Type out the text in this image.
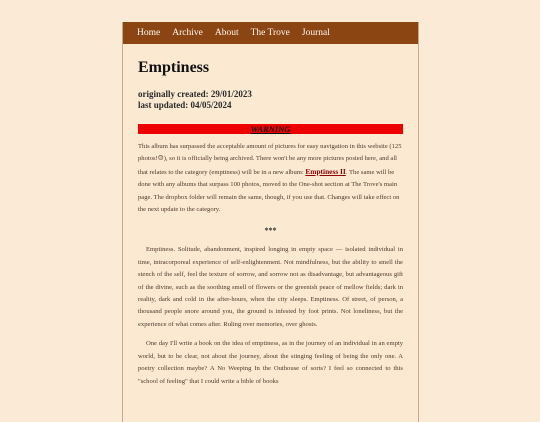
Home Archive About The Trove Journal
Emptiness
originally created: 29/01/2023
last updated: 04/05/2024
WARNING

This album has surpassed the acceptable amount of pictures for easy navigation in this website (125 photos!☹), so it is officially being archived. There won't be any more pictures posted here, and all that relates to the category (emptiness) will be in a new album: Emptiness II. The same will be done with any albums that surpass 100 photos, moved to the One-shot section at The Trove's main page. The dropbox folder will remain the same, though, if you use that. Changes will take effect on the next update to the category.

***

Emptiness. Solitude, abandonment, inspired longing in empty space — isolated individual in time, intracorporeal experience of self-enlightenment. Not mindfulness, but the ability to smell the stench of the self, feel the texture of sorrow, and sorrow not as disadvantage, but advantageous gift of the divine, such as the soothing smell of flowers or the greenish peace of mellow fields; dark in reality, dark and cold in the after-hours, when the city sleeps. Emptiness. Of street, of person, a thousand people snore around you, the ground is infested by foot prints. Not loneliness, but the experience of what comes after. Ruling over memories, over ghosts.

One day I'll write a book on the idea of emptiness, as in the journey of an individual in an empty world, but to be clear, not about the journey, about the stinging feeling of being the only one. A poetry collection maybe? A No Weeping In the Outhouse of sorts? I feel so connected to this "school of feeling" that I could write a bible of books
